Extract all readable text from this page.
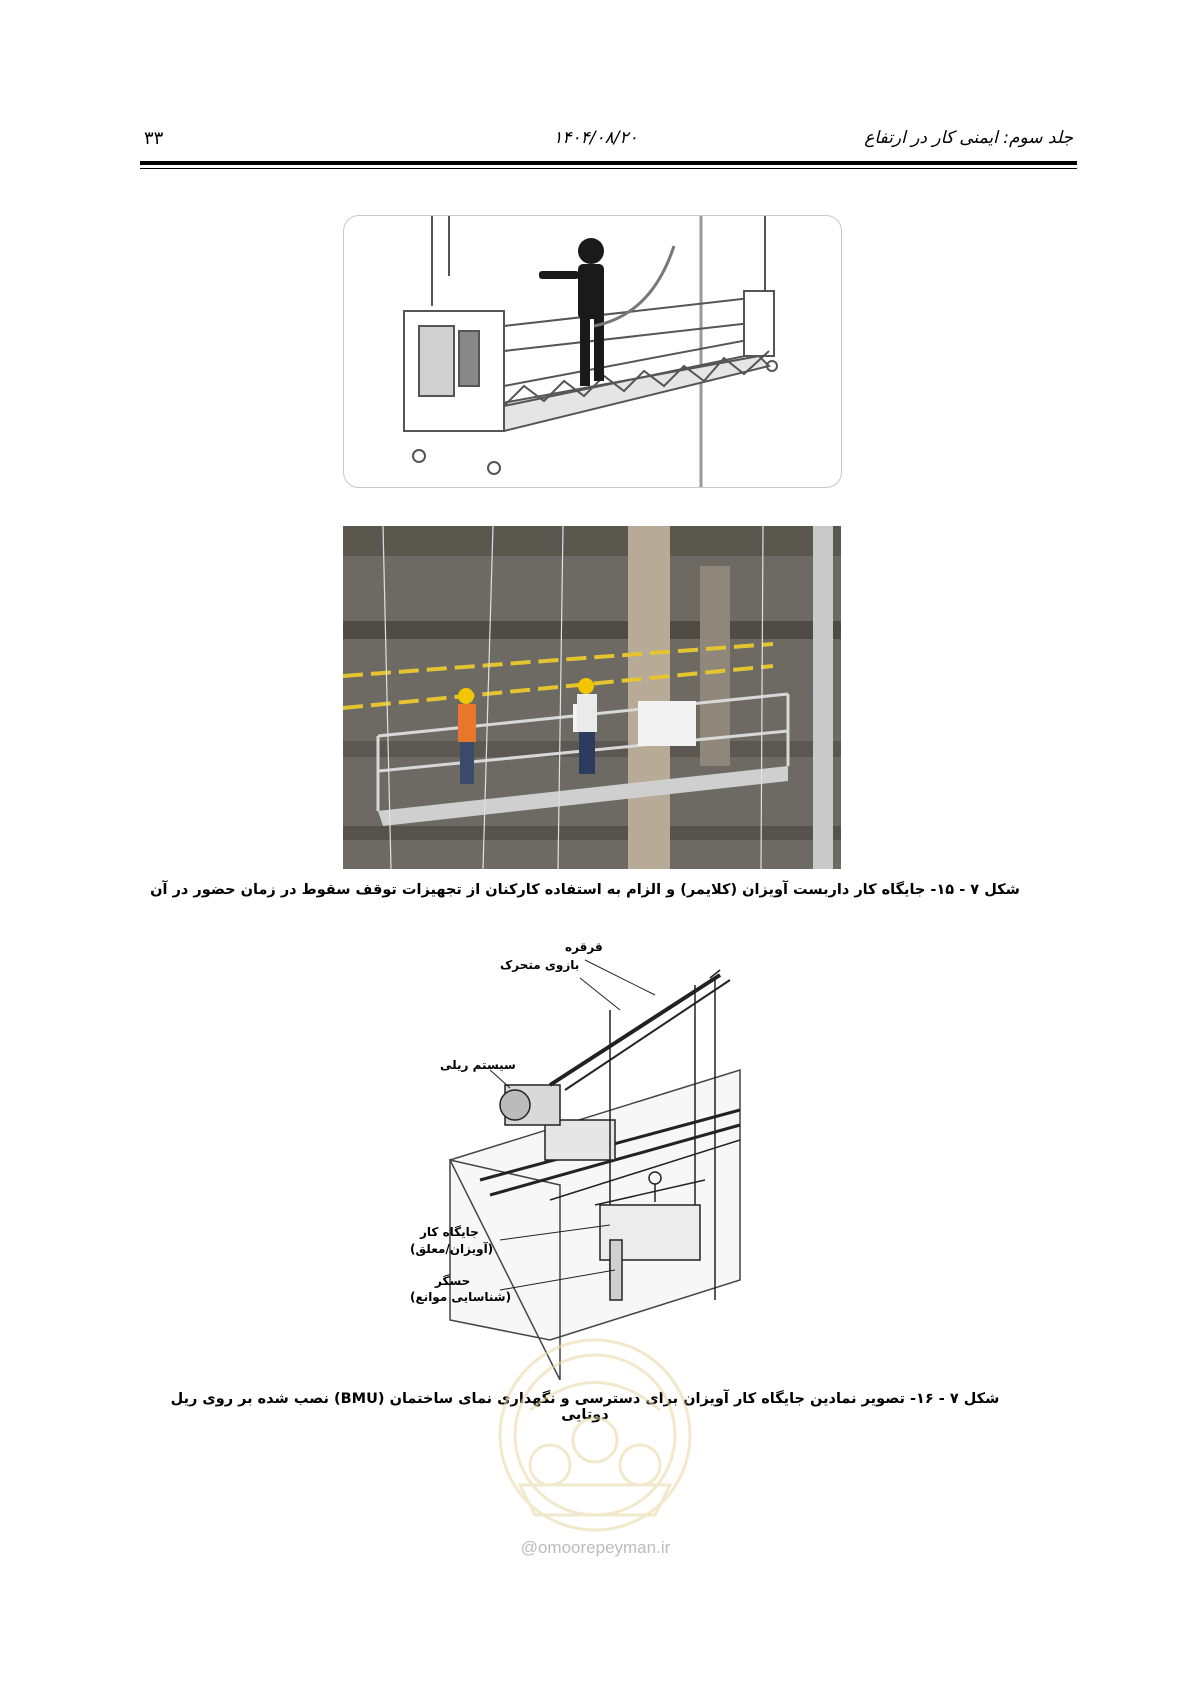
جلد سوم: ایمنی کار در ارتفاع
۱۴۰۴/۰۸/۲۰
۳۳
شکل ۷ - ۱۵- جایگاه کار داربست آویزان (کلایمر) و الزام به استفاده کارکنان از تجهیزات توقف سقوط در زمان حضور در آن
قرقره
بازوی متحرک
سیستم ریلی
جایگاه کار
(آویزان/معلق)
حسگر
(شناسایی موانع)
شکل ۷ - ۱۶- تصویر نمادین جایگاه کار آویزان برای دسترسی و نگهداری نمای ساختمان (BMU) نصب شده بر روی ریل دوتایی
@omoorepeyman.ir
